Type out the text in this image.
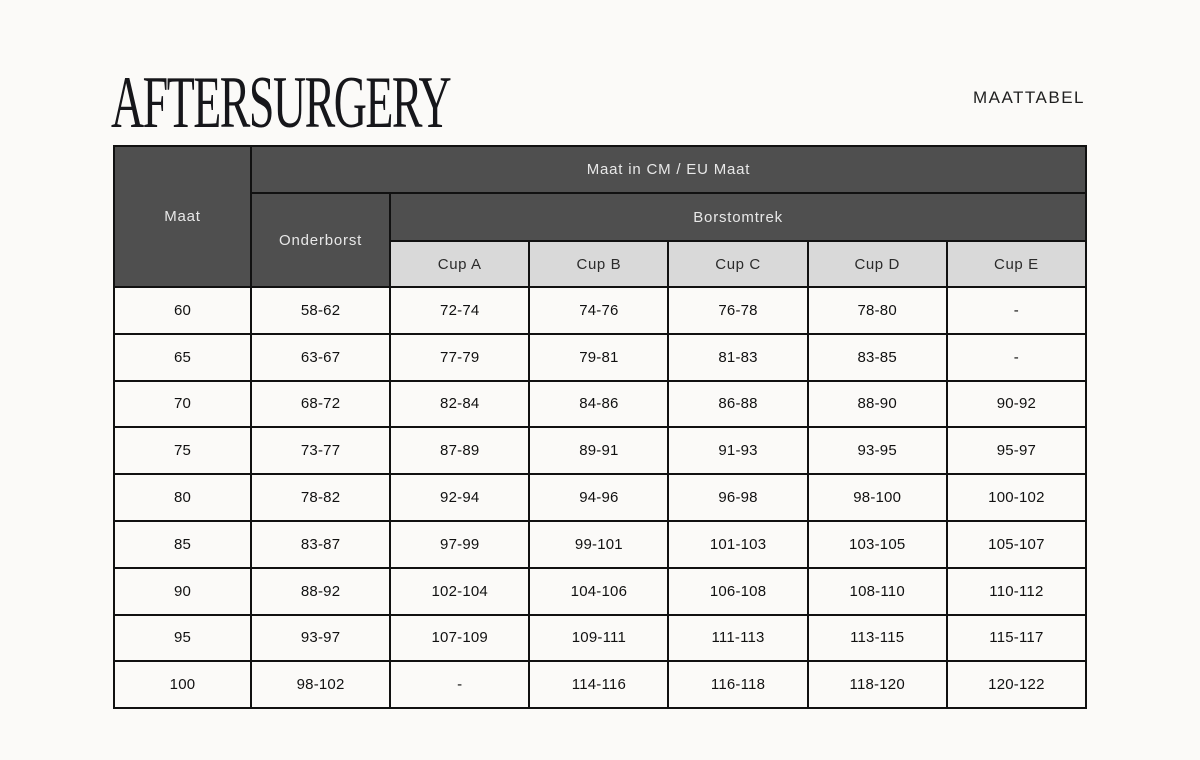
AFTERSURGERY	MAATTABEL
Maat	Maat in CM / EU Maat					
	Onderborst	Borstomtrek				
		Cup A	Cup B	Cup C	Cup D	Cup E
60	58-62	72-74	74-76	76-78	78-80	-
65	63-67	77-79	79-81	81-83	83-85	-
70	68-72	82-84	84-86	86-88	88-90	90-92
75	73-77	87-89	89-91	91-93	93-95	95-97
80	78-82	92-94	94-96	96-98	98-100	100-102
85	83-87	97-99	99-101	101-103	103-105	105-107
90	88-92	102-104	104-106	106-108	108-110	110-112
95	93-97	107-109	109-111	111-113	113-115	115-117
100	98-102	-	114-116	116-118	118-120	120-122
